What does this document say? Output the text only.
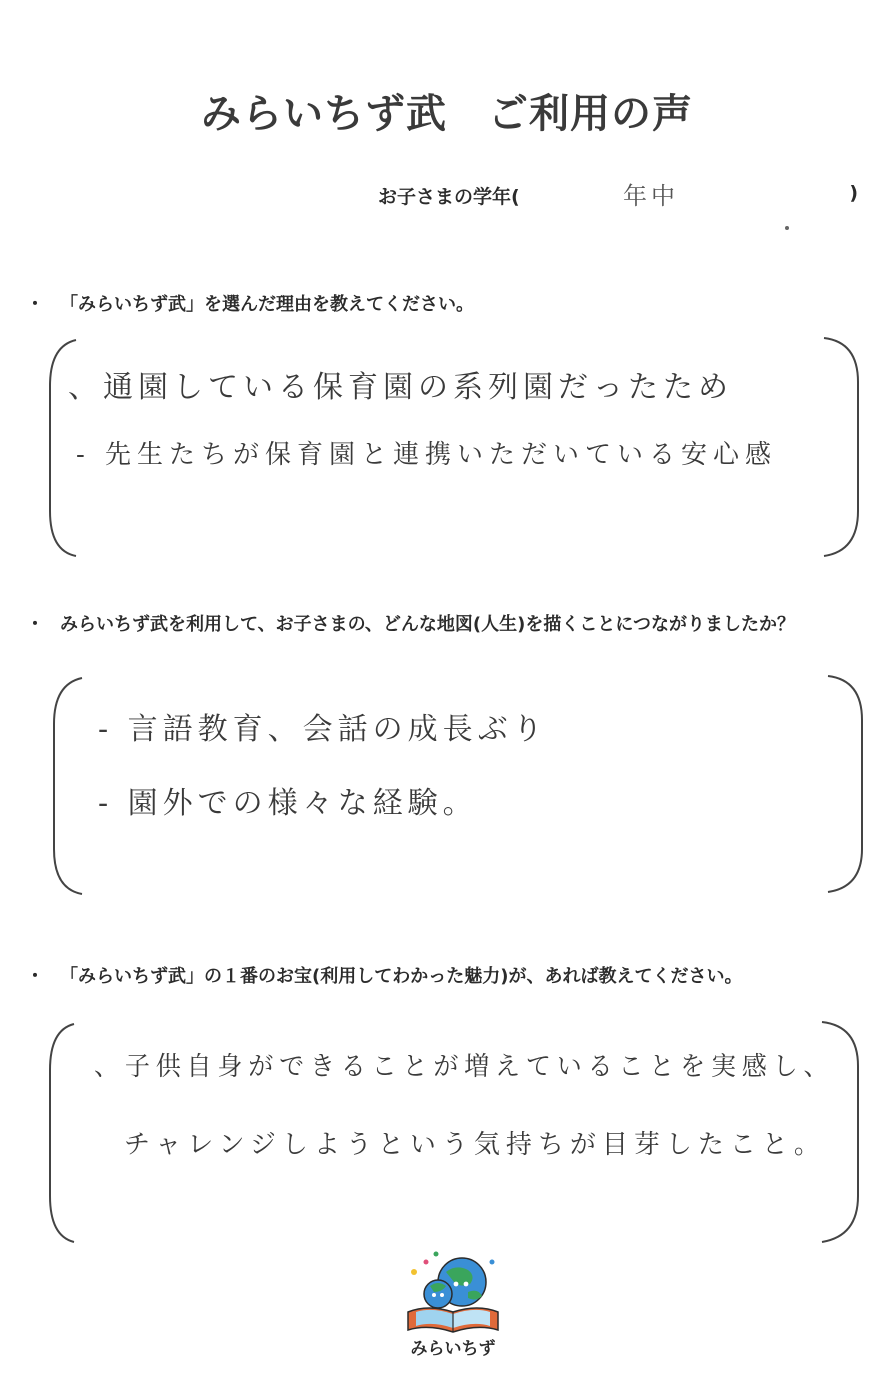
みらいちず武　ご利用の声
お子さまの学年(	年中	)
・ 「みらいちず武」を選んだ理由を教えてください。
、通園している保育園の系列園だったため
‐ 先生たちが保育園と連携いただいている安心感
・ みらいちず武を利用して、お子さまの、どんな地図(人生)を描くことにつながりましたか？
‐ 言語教育、会話の成長ぶり
‐ 園外での様々な経験。
・ 「みらいちず武」の１番のお宝(利用してわかった魅力)が、あれば教えてください。
、子供自身ができることが増えていることを実感し、
チャレンジしようという気持ちが目芽したこと。
みらいちず
